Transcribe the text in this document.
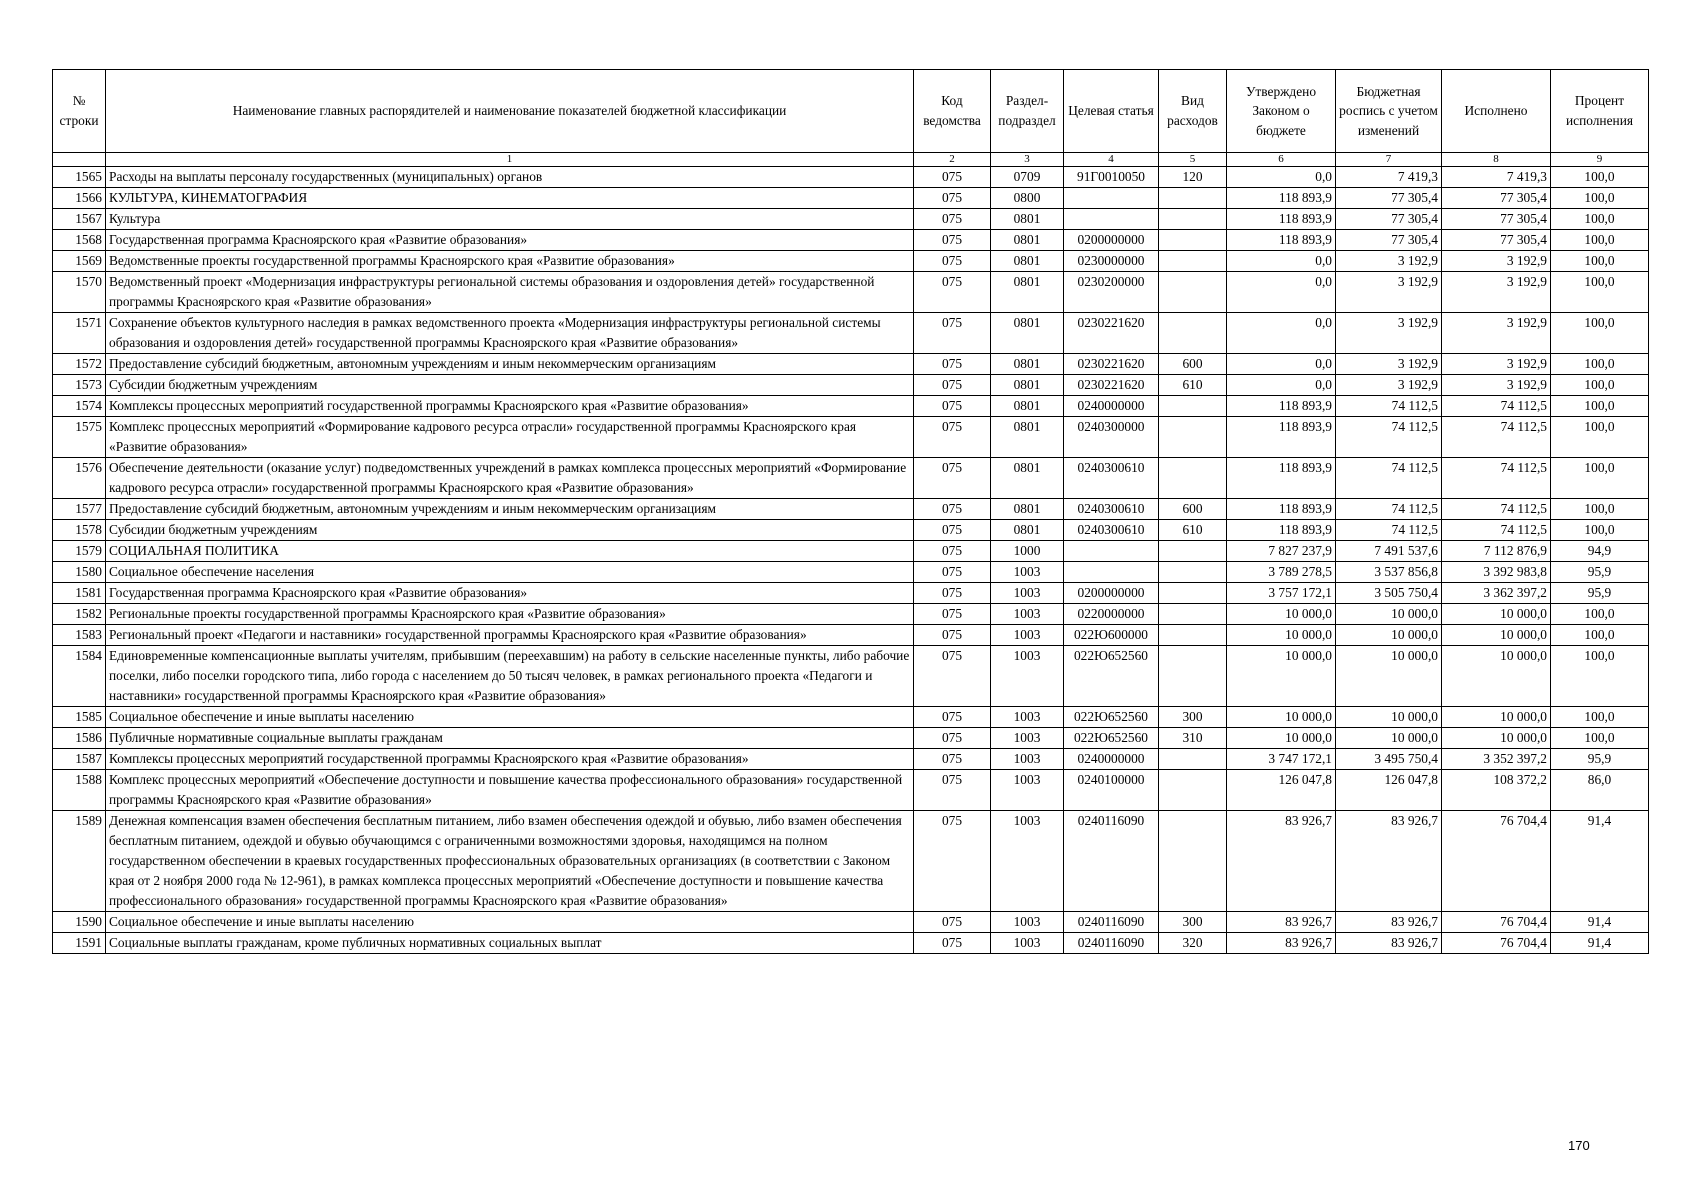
№ строки	Наименование главных распорядителей и наименование показателей бюджетной классификации	Код ведомства	Раздел-подраздел	Целевая статья	Вид расходов	Утверждено Законом о бюджете	Бюджетная роспись с учетом изменений	Исполнено	Процент исполнения
	1	2	3	4	5	6	7	8	9
1565	Расходы на выплаты персоналу государственных (муниципальных) органов	075	0709	91Г0010050	120	0,0	7 419,3	7 419,3	100,0
1566	КУЛЬТУРА, КИНЕМАТОГРАФИЯ	075	0800			118 893,9	77 305,4	77 305,4	100,0
1567	Культура	075	0801			118 893,9	77 305,4	77 305,4	100,0
1568	Государственная программа Красноярского края «Развитие образования»	075	0801	0200000000		118 893,9	77 305,4	77 305,4	100,0
1569	Ведомственные проекты государственной программы Красноярского края «Развитие образования»	075	0801	0230000000		0,0	3 192,9	3 192,9	100,0
1570	Ведомственный проект «Модернизация инфраструктуры региональной системы образования и оздоровления детей» государственной программы Красноярского края «Развитие образования»	075	0801	0230200000		0,0	3 192,9	3 192,9	100,0
1571	Сохранение объектов культурного наследия в рамках ведомственного проекта «Модернизация инфраструктуры региональной системы образования и оздоровления детей» государственной программы Красноярского края «Развитие образования»	075	0801	0230221620		0,0	3 192,9	3 192,9	100,0
1572	Предоставление субсидий бюджетным, автономным учреждениям и иным некоммерческим организациям	075	0801	0230221620	600	0,0	3 192,9	3 192,9	100,0
1573	Субсидии бюджетным учреждениям	075	0801	0230221620	610	0,0	3 192,9	3 192,9	100,0
1574	Комплексы процессных мероприятий государственной программы Красноярского края «Развитие образования»	075	0801	0240000000		118 893,9	74 112,5	74 112,5	100,0
1575	Комплекс процессных мероприятий «Формирование кадрового ресурса отрасли» государственной программы Красноярского края «Развитие образования»	075	0801	0240300000		118 893,9	74 112,5	74 112,5	100,0
1576	Обеспечение деятельности (оказание услуг) подведомственных учреждений в рамках комплекса процессных мероприятий «Формирование кадрового ресурса отрасли» государственной программы Красноярского края «Развитие образования»	075	0801	0240300610		118 893,9	74 112,5	74 112,5	100,0
1577	Предоставление субсидий бюджетным, автономным учреждениям и иным некоммерческим организациям	075	0801	0240300610	600	118 893,9	74 112,5	74 112,5	100,0
1578	Субсидии бюджетным учреждениям	075	0801	0240300610	610	118 893,9	74 112,5	74 112,5	100,0
1579	СОЦИАЛЬНАЯ ПОЛИТИКА	075	1000			7 827 237,9	7 491 537,6	7 112 876,9	94,9
1580	Социальное обеспечение населения	075	1003			3 789 278,5	3 537 856,8	3 392 983,8	95,9
1581	Государственная программа Красноярского края «Развитие образования»	075	1003	0200000000		3 757 172,1	3 505 750,4	3 362 397,2	95,9
1582	Региональные проекты государственной программы Красноярского края «Развитие образования»	075	1003	0220000000		10 000,0	10 000,0	10 000,0	100,0
1583	Региональный проект «Педагоги и наставники» государственной программы Красноярского края «Развитие образования»	075	1003	022Ю600000		10 000,0	10 000,0	10 000,0	100,0
1584	Единовременные компенсационные выплаты учителям, прибывшим (переехавшим) на работу в сельские населенные пункты, либо рабочие поселки, либо поселки городского типа, либо города с населением до 50 тысяч человек, в рамках регионального проекта «Педагоги и наставники» государственной программы Красноярского края «Развитие образования»	075	1003	022Ю652560		10 000,0	10 000,0	10 000,0	100,0
1585	Социальное обеспечение и иные выплаты населению	075	1003	022Ю652560	300	10 000,0	10 000,0	10 000,0	100,0
1586	Публичные нормативные социальные выплаты гражданам	075	1003	022Ю652560	310	10 000,0	10 000,0	10 000,0	100,0
1587	Комплексы процессных мероприятий государственной программы Красноярского края «Развитие образования»	075	1003	0240000000		3 747 172,1	3 495 750,4	3 352 397,2	95,9
1588	Комплекс процессных мероприятий «Обеспечение доступности и повышение качества профессионального образования» государственной программы Красноярского края «Развитие образования»	075	1003	0240100000		126 047,8	126 047,8	108 372,2	86,0
1589	Денежная компенсация взамен обеспечения бесплатным питанием, либо взамен обеспечения одеждой и обувью, либо взамен обеспечения бесплатным питанием, одеждой и обувью обучающимся с ограниченными возможностями здоровья, находящимся на полном государственном обеспечении в краевых государственных профессиональных образовательных организациях (в соответствии с Законом края от 2 ноября 2000 года № 12-961), в рамках комплекса процессных мероприятий «Обеспечение доступности и повышение качества профессионального образования» государственной программы Красноярского края «Развитие образования»	075	1003	0240116090		83 926,7	83 926,7	76 704,4	91,4
1590	Социальное обеспечение и иные выплаты населению	075	1003	0240116090	300	83 926,7	83 926,7	76 704,4	91,4
1591	Социальные выплаты гражданам, кроме публичных нормативных социальных выплат	075	1003	0240116090	320	83 926,7	83 926,7	76 704,4	91,4
170
